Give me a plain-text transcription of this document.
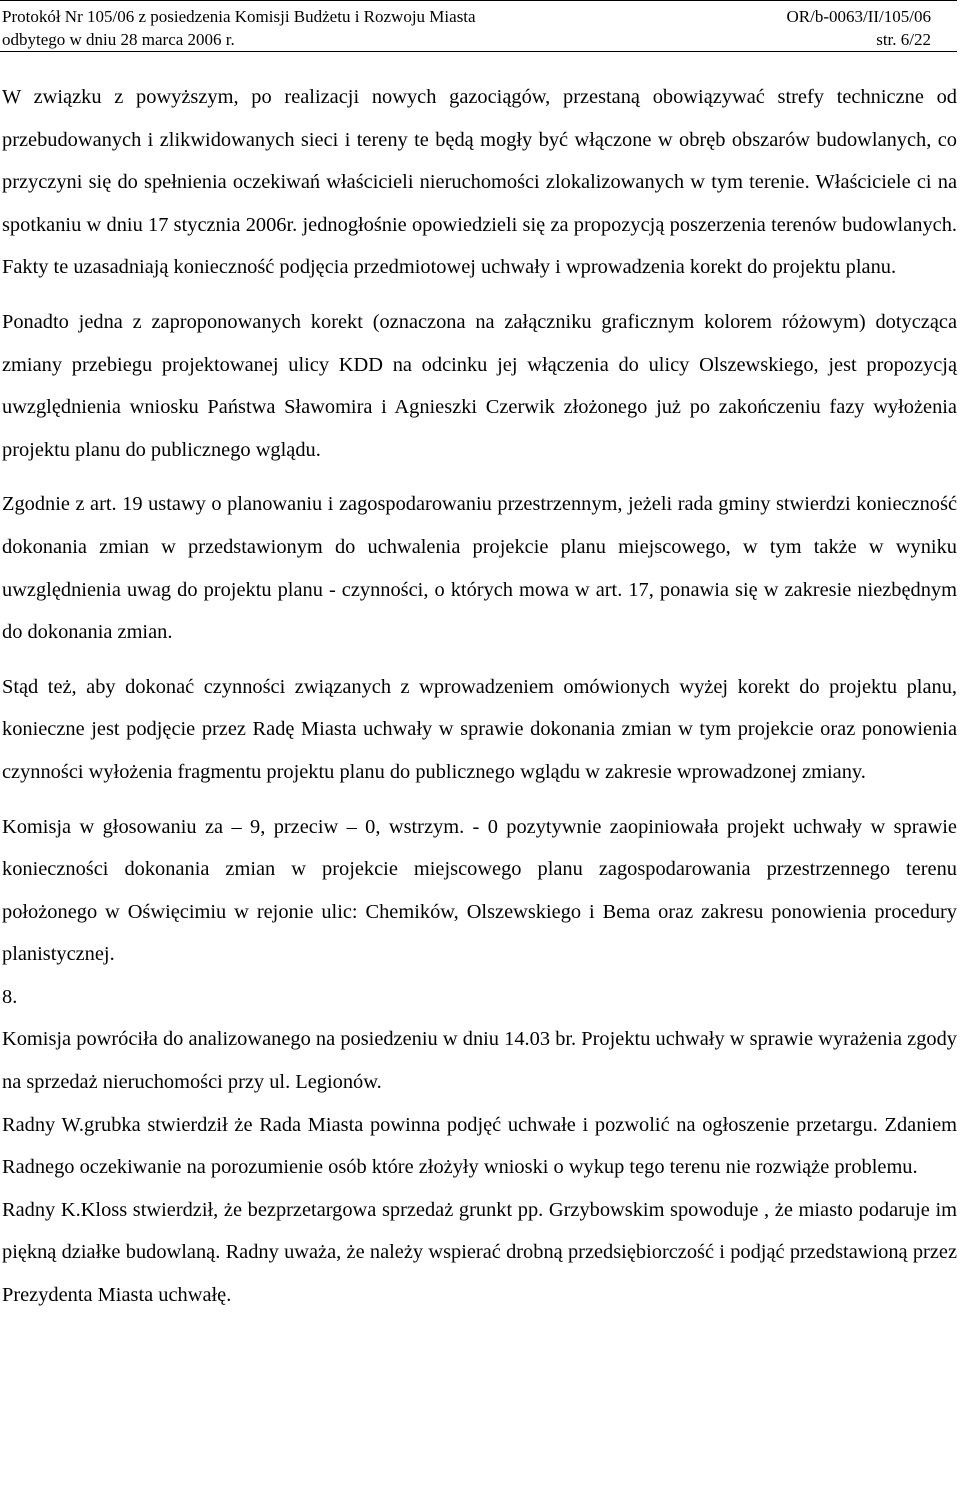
Protokół Nr 105/06 z posiedzenia Komisji Budżetu i Rozwoju Miasta	OR/b-0063/II/105/06
odbytego w dniu 28 marca 2006 r.	str. 6/22

W związku z powyższym, po realizacji nowych gazociągów, przestaną obowiązywać strefy techniczne od przebudowanych i zlikwidowanych sieci i tereny te będą mogły być włączone w obręb obszarów budowlanych, co przyczyni się do spełnienia oczekiwań właścicieli nieruchomości zlokalizowanych w tym terenie. Właściciele ci na spotkaniu w dniu 17 stycznia 2006r. jednogłośnie opowiedzieli się za propozycją poszerzenia terenów budowlanych. Fakty te uzasadniają konieczność podjęcia przedmiotowej uchwały i wprowadzenia korekt do projektu planu.

Ponadto jedna z zaproponowanych korekt (oznaczona na załączniku graficznym kolorem różowym) dotycząca zmiany przebiegu projektowanej ulicy KDD na odcinku jej włączenia do ulicy Olszewskiego, jest propozycją uwzględnienia wniosku Państwa Sławomira i Agnieszki Czerwik złożonego już po zakończeniu fazy wyłożenia projektu planu do publicznego wglądu.

Zgodnie z art. 19 ustawy o planowaniu i zagospodarowaniu przestrzennym, jeżeli rada gminy stwierdzi konieczność dokonania zmian w przedstawionym do uchwalenia projekcie planu miejscowego, w tym także w wyniku uwzględnienia uwag do projektu planu - czynności, o których mowa w art. 17, ponawia się w zakresie niezbędnym do dokonania zmian.

Stąd też, aby dokonać czynności związanych z wprowadzeniem omówionych wyżej korekt do projektu planu, konieczne jest podjęcie przez Radę Miasta uchwały w sprawie dokonania zmian w tym projekcie oraz ponowienia czynności wyłożenia fragmentu projektu planu do publicznego wglądu w zakresie wprowadzonej zmiany.

Komisja w głosowaniu za – 9, przeciw – 0, wstrzym. - 0 pozytywnie zaopiniowała projekt uchwały w sprawie konieczności dokonania zmian w projekcie miejscowego planu zagospodarowania przestrzennego terenu położonego w Oświęcimiu w rejonie ulic: Chemików, Olszewskiego i Bema oraz zakresu ponowienia procedury planistycznej.

8.

Komisja powróciła do analizowanego na posiedzeniu w dniu 14.03 br. Projektu uchwały w sprawie wyrażenia zgody na sprzedaż nieruchomości przy ul. Legionów.

Radny W.grubka stwierdził że Rada Miasta powinna podjęć uchwałe i pozwolić na ogłoszenie przetargu. Zdaniem Radnego oczekiwanie na porozumienie osób które złożyły wnioski o wykup tego terenu nie rozwiąże problemu.

Radny K.Kloss stwierdził, że bezprzetargowa sprzedaż grunkt pp. Grzybowskim spowoduje , że miasto podaruje im piękną działke budowlaną. Radny uważa, że należy wspierać drobną przedsiębiorczość i podjąć przedstawioną przez Prezydenta Miasta uchwałę.
